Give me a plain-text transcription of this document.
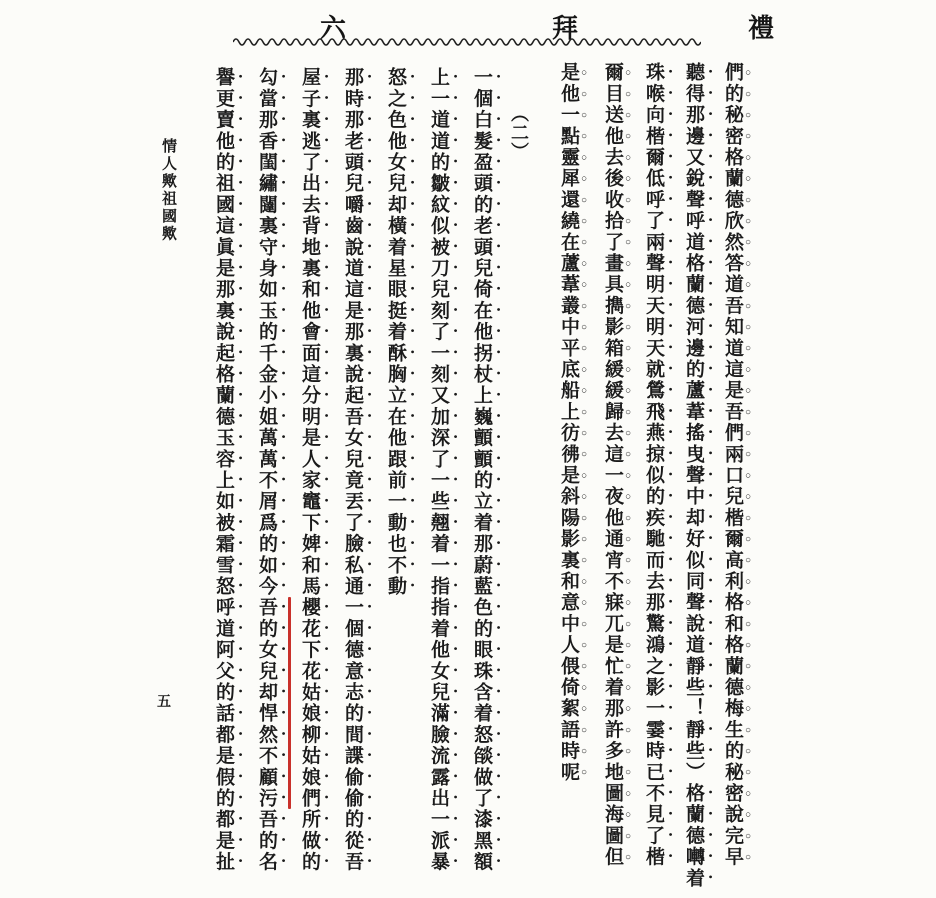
禮
拜
六
們的秘密格蘭德欣然答道吾知道這是吾們兩口兒楷爾高利格和格蘭德梅生的秘密說完早
聽得那邊又銳聲呼道格蘭德河邊的蘆葦搖曳聲中却好似同聲說道靜些！靜些）格蘭德囀着
珠喉向楷爾低呼了兩聲明天明天就鶯飛燕掠似的疾馳而去那驚鴻之影一霎時已不見了楷
爾目送他去後收拾了畫具擕影箱緩緩歸去這一夜他通宵不寐兀是忙着那許多地圖海圖但
是他一點靈犀還繞在蘆葦叢中平底船上彷彿是斜陽影裏和意中人偎倚絮語時呢
一個白髮盈頭的老頭兒倚在他拐杖上巍顫顫的立着那蔚藍色的眼珠含着怒燄做了漆黑額
上一道道的皺紋似被刀兒刻了一刻又加深了一些翹着一指指着他女兒滿臉流露出一派暴
怒之色他女兒却橫着星眼挺着酥胸立在他跟前一動也不動
那時那老頭兒嚼齒說道這是那裏說起吾女兒竟丟了臉私通一個德意志的間諜偷偷的從吾
屋子裏逃了出去背地裏和他會面這分明是人家竈下婢和馬櫻花下花姑娘柳姑娘們所做的
勾當那香閨繡闥裏守身如玉的千金小姐萬萬不屑爲的如今吾的女兒却悍然不顧污吾的名
譽更賣他的祖國這眞是那裏說起格蘭德玉容上如被霜雪怒呼道阿父的話都是假的都是扯	（二）
情人歟祖國歟
五
